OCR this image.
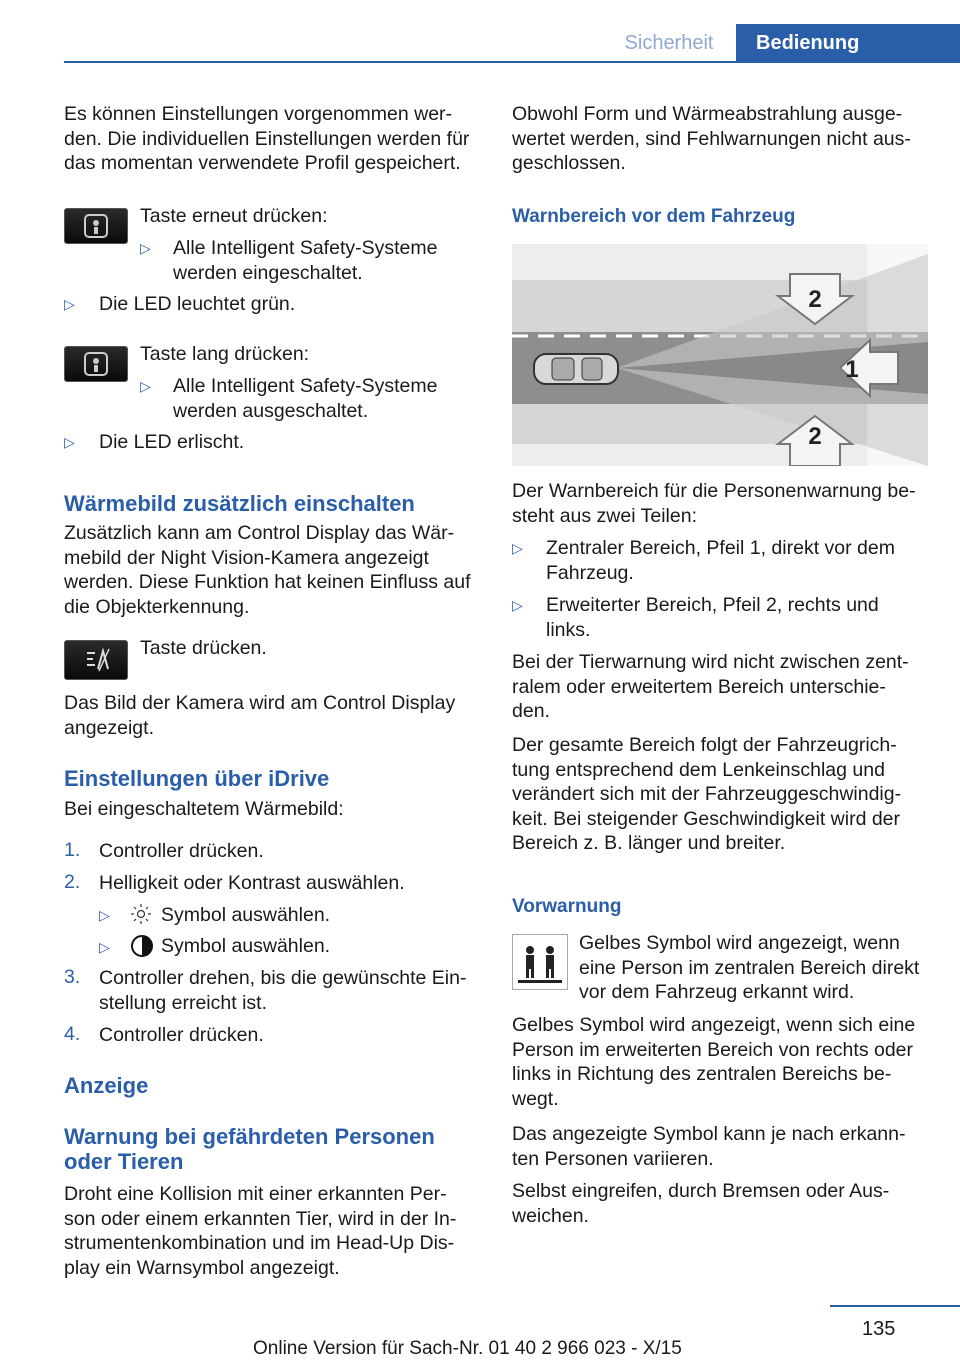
Sicherheit	Bedienung
Es können Einstellungen vorgenommen wer-
den. Die individuellen Einstellungen werden für
das momentan verwendete Profil gespeichert.
Taste erneut drücken:
▷ Alle Intelligent Safety-Systeme
werden eingeschaltet.
▷ Die LED leuchtet grün.
Taste lang drücken:
▷ Alle Intelligent Safety-Systeme
werden ausgeschaltet.
▷ Die LED erlischt.
Wärmebild zusätzlich einschalten
Zusätzlich kann am Control Display das Wär-
mebild der Night Vision-Kamera angezeigt
werden. Diese Funktion hat keinen Einfluss auf
die Objekterkennung.
Taste drücken.
Das Bild der Kamera wird am Control Display
angezeigt.
Einstellungen über iDrive
Bei eingeschaltetem Wärmebild:
1. Controller drücken.
2. Helligkeit oder Kontrast auswählen.
▷	Symbol auswählen.
▷	Symbol auswählen.
3. Controller drehen, bis die gewünschte Ein-
stellung erreicht ist.
4. Controller drücken.
Anzeige
Warnung bei gefährdeten Personen
oder Tieren
Droht eine Kollision mit einer erkannten Per-
son oder einem erkannten Tier, wird in der In-
strumentenkombination und im Head-Up Dis-
play ein Warnsymbol angezeigt.
Obwohl Form und Wärmeabstrahlung ausge-
wertet werden, sind Fehlwarnungen nicht aus-
geschlossen.
Warnbereich vor dem Fahrzeug
2
1
2
Der Warnbereich für die Personenwarnung be-
steht aus zwei Teilen:
▷ Zentraler Bereich, Pfeil 1, direkt vor dem
Fahrzeug.
▷ Erweiterter Bereich, Pfeil 2, rechts und
links.
Bei der Tierwarnung wird nicht zwischen zent-
ralem oder erweitertem Bereich unterschie-
den.
Der gesamte Bereich folgt der Fahrzeugrich-
tung entsprechend dem Lenkeinschlag und
verändert sich mit der Fahrzeuggeschwindig-
keit. Bei steigender Geschwindigkeit wird der
Bereich z. B. länger und breiter.
Vorwarnung
Gelbes Symbol wird angezeigt, wenn
eine Person im zentralen Bereich direkt
vor dem Fahrzeug erkannt wird.
Gelbes Symbol wird angezeigt, wenn sich eine
Person im erweiterten Bereich von rechts oder
links in Richtung des zentralen Bereichs be-
wegt.
Das angezeigte Symbol kann je nach erkann-
ten Personen variieren.
Selbst eingreifen, durch Bremsen oder Aus-
weichen.
135
Online Version für Sach-Nr. 01 40 2 966 023 - X/15
